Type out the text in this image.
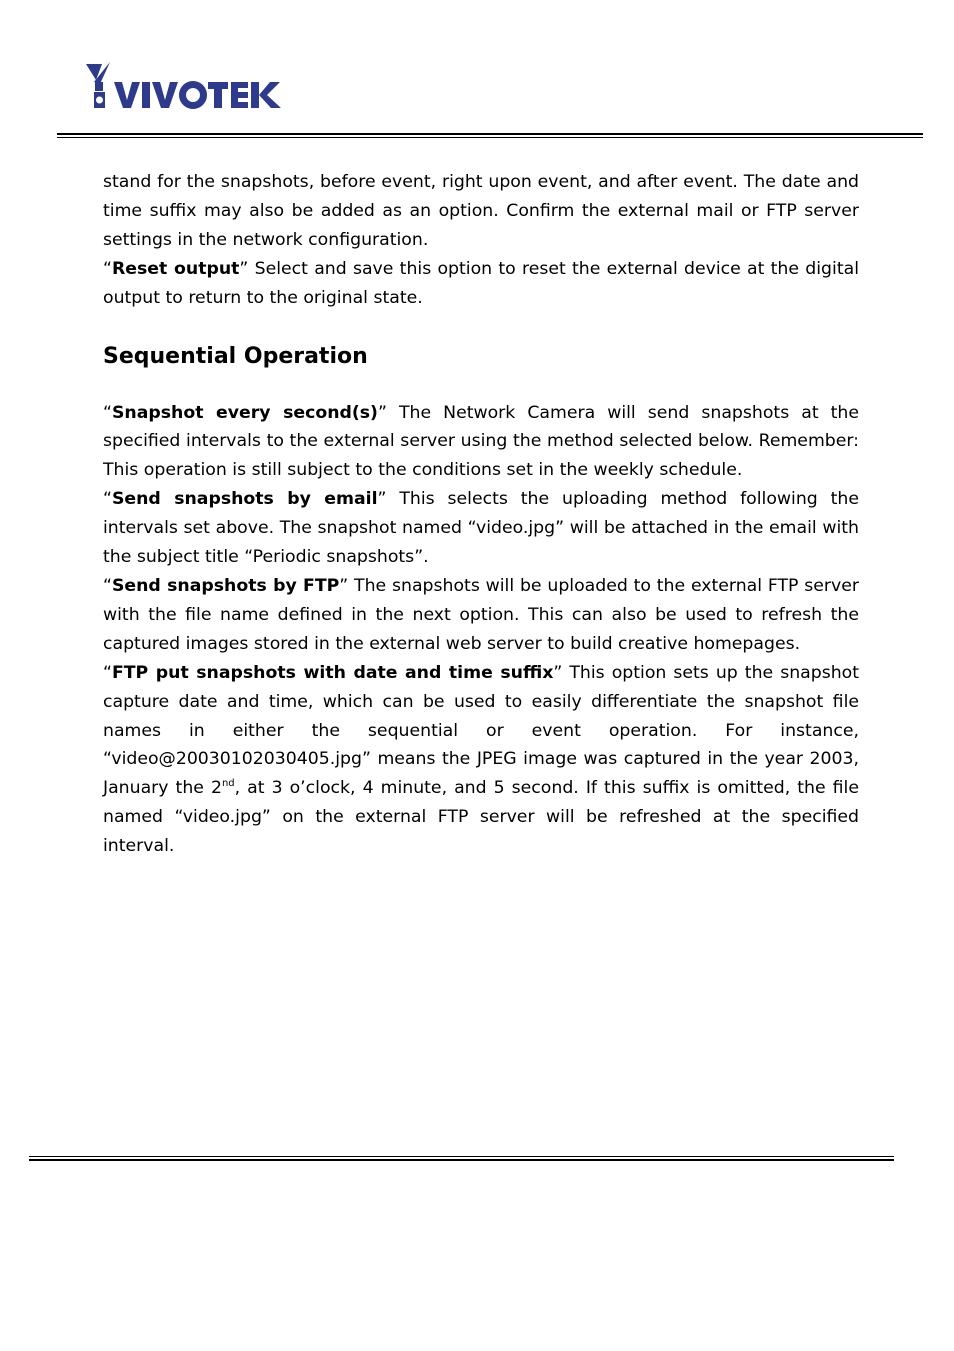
stand for the snapshots, before event, right upon event, and after event. The date and time suffix may also be added as an option. Confirm the external mail or FTP server settings in the network configuration.

“Reset output” Select and save this option to reset the external device at the digital output to return to the original state.

Sequential Operation

“Snapshot every second(s)” The Network Camera will send snapshots at the specified intervals to the external server using the method selected below. Remember: This operation is still subject to the conditions set in the weekly schedule.

“Send snapshots by email” This selects the uploading method following the intervals set above. The snapshot named “video.jpg” will be attached in the email with the subject title “Periodic snapshots”.

“Send snapshots by FTP” The snapshots will be uploaded to the external FTP server with the file name defined in the next option. This can also be used to refresh the captured images stored in the external web server to build creative homepages.

“FTP put snapshots with date and time suffix” This option sets up the snapshot capture date and time, which can be used to easily differentiate the snapshot file names in either the sequential or event operation. For instance, “video@20030102030405.jpg” means the JPEG image was captured in the year 2003, January the 2nd, at 3 o’clock, 4 minute, and 5 second. If this suffix is omitted, the file named “video.jpg” on the external FTP server will be refreshed at the specified interval.
